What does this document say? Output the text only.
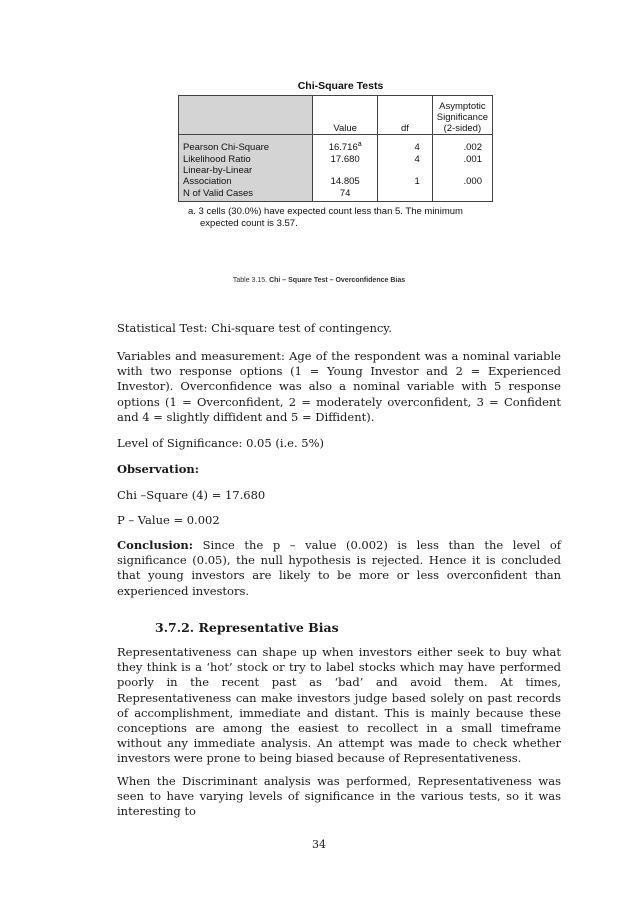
Chi-Square Tests
	Value	df	Asymptotic
Significance
(2-sided)

Pearson Chi-Square	16.716$^a$	4	.002
Likelihood Ratio	17.680	4	.001

Linear-by-Linear
Association	14.805	1	.000
N of Valid Cases	74		
a. 3 cells (30.0%) have expected count less than 5. The minimum
expected count is 3.57.
Table 3.15. Chi – Square Test – Overconfidence Bias

Statistical Test: Chi-square test of contingency.

Variables and measurement: Age of the respondent was a nominal variable with two response options (1 = Young Investor and 2 = Experienced Investor). Overconfidence was also a nominal variable with 5 response options (1 = Overconfident, 2 = moderately overconfident, 3 = Confident and 4 = slightly diffident and 5 = Diffident).

Level of Significance: 0.05 (i.e. 5%)

Observation:

Chi –Square (4) = 17.680

P – Value = 0.002

Conclusion: Since the p – value (0.002) is less than the level of significance (0.05), the null hypothesis is rejected. Hence it is concluded that young investors are likely to be more or less overconfident than experienced investors.

3.7.2. Representative Bias

Representativeness can shape up when investors either seek to buy what they think is a ‘hot’ stock or try to label stocks which may have performed poorly in the recent past as ‘bad’ and avoid them. At times, Representativeness can make investors judge based solely on past records of accomplishment, immediate and distant. This is mainly because these conceptions are among the easiest to recollect in a small timeframe without any immediate analysis. An attempt was made to check whether investors were prone to being biased because of Representativeness.

When the Discriminant analysis was performed, Representativeness was seen to have varying levels of significance in the various tests, so it was interesting to

34
